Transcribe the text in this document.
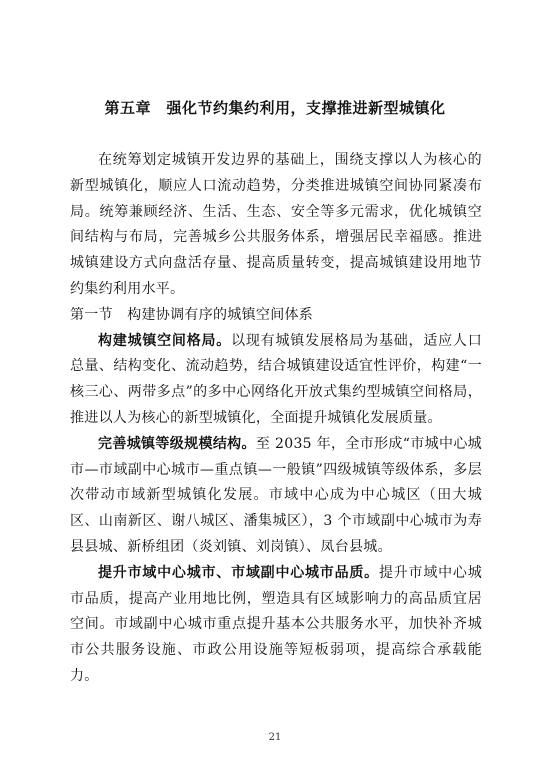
第五章　强化节约集约利用，支撑推进新型城镇化

在统筹划定城镇开发边界的基础上，围绕支撑以人为核心的新型城镇化，顺应人口流动趋势，分类推进城镇空间协同紧凑布局。统筹兼顾经济、生活、生态、安全等多元需求，优化城镇空间结构与布局，完善城乡公共服务体系，增强居民幸福感。推进城镇建设方式向盘活存量、提高质量转变，提高城镇建设用地节约集约利用水平。

第一节　构建协调有序的城镇空间体系

构建城镇空间格局。以现有城镇发展格局为基础，适应人口总量、结构变化、流动趋势，结合城镇建设适宜性评价，构建“一核三心、两带多点”的多中心网络化开放式集约型城镇空间格局，推进以人为核心的新型城镇化，全面提升城镇化发展质量。

完善城镇等级规模结构。至 2035 年，全市形成“市城中心城市—市域副中心城市—重点镇—一般镇”四级城镇等级体系，多层次带动市域新型城镇化发展。市域中心成为中心城区（田大城区、山南新区、谢八城区、潘集城区），3 个市域副中心城市为寿县县城、新桥组团（炎刘镇、刘岗镇）、凤台县城。

提升市域中心城市、市域副中心城市品质。提升市域中心城市品质，提高产业用地比例，塑造具有区域影响力的高品质宜居空间。市域副中心城市重点提升基本公共服务水平，加快补齐城市公共服务设施、市政公用设施等短板弱项，提高综合承载能力。

21
